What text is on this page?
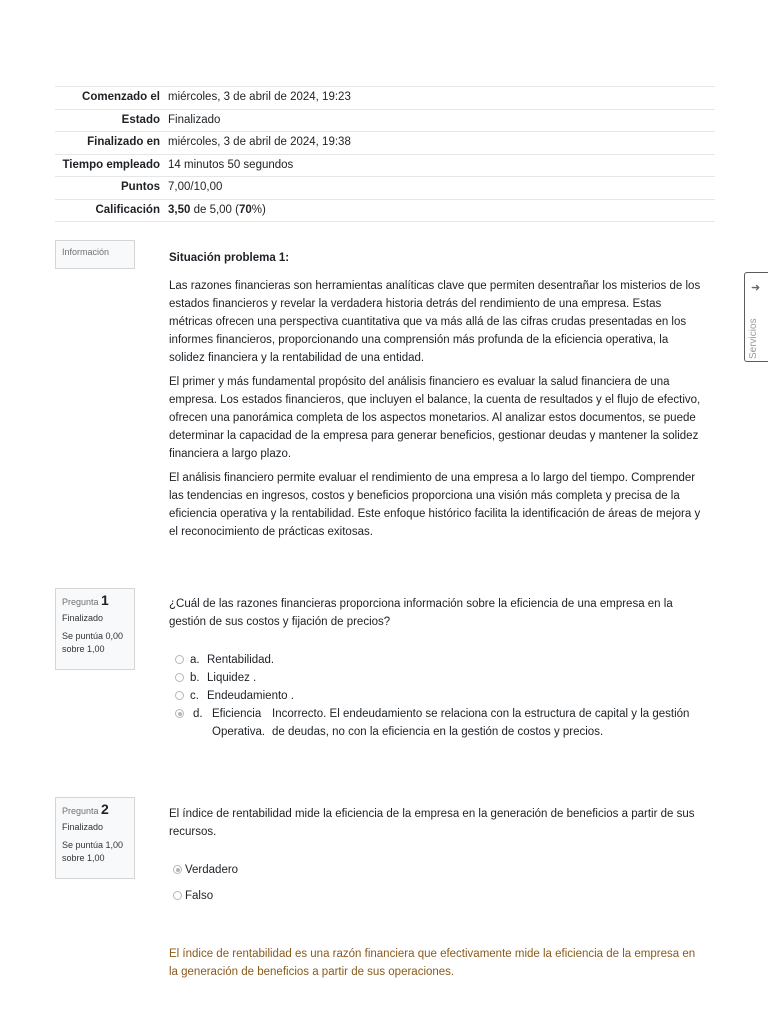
Comenzado el	miércoles, 3 de abril de 2024, 19:23
Estado	Finalizado
Finalizado en	miércoles, 3 de abril de 2024, 19:38
Tiempo empleado	14 minutos 50 segundos
Puntos	7,00/10,00
Calificación	3,50 de 5,00 (70%)
Información	Situación problema 1:

Las razones financieras son herramientas analíticas clave que permiten desentrañar los misterios de los estados financieros y revelar la verdadera historia detrás del rendimiento de una empresa. Estas métricas ofrecen una perspectiva cuantitativa que va más allá de las cifras crudas presentadas en los informes financieros, proporcionando una comprensión más profunda de la eficiencia operativa, la solidez financiera y la rentabilidad de una entidad.

El primer y más fundamental propósito del análisis financiero es evaluar la salud financiera de una empresa. Los estados financieros, que incluyen el balance, la cuenta de resultados y el flujo de efectivo, ofrecen una panorámica completa de los aspectos monetarios. Al analizar estos documentos, se puede determinar la capacidad de la empresa para generar beneficios, gestionar deudas y mantener la solidez financiera a largo plazo.

El análisis financiero permite evaluar el rendimiento de una empresa a lo largo del tiempo. Comprender las tendencias en ingresos, costos y beneficios proporciona una visión más completa y precisa de la eficiencia operativa y la rentabilidad. Este enfoque histórico facilita la identificación de áreas de mejora y el reconocimiento de prácticas exitosas.

Pregunta 1
Finalizado
Se puntúa 0,00 sobre 1,00

¿Cuál de las razones financieras proporciona información sobre la eficiencia de una empresa en la gestión de sus costos y fijación de precios?

a. Rentabilidad.
b. Liquidez .
c. Endeudamiento .
d. Eficiencia Operativa.
Incorrecto. El endeudamiento se relaciona con la estructura de capital y la gestión de deudas, no con la eficiencia en la gestión de costos y precios.
Pregunta 2
Finalizado
Se puntúa 1,00 sobre 1,00

El índice de rentabilidad mide la eficiencia de la empresa en la generación de beneficios a partir de sus recursos.

Verdadero
Falso
El índice de rentabilidad es una razón financiera que efectivamente mide la eficiencia de la empresa en la generación de beneficios a partir de sus operaciones.
➜
Servicios
